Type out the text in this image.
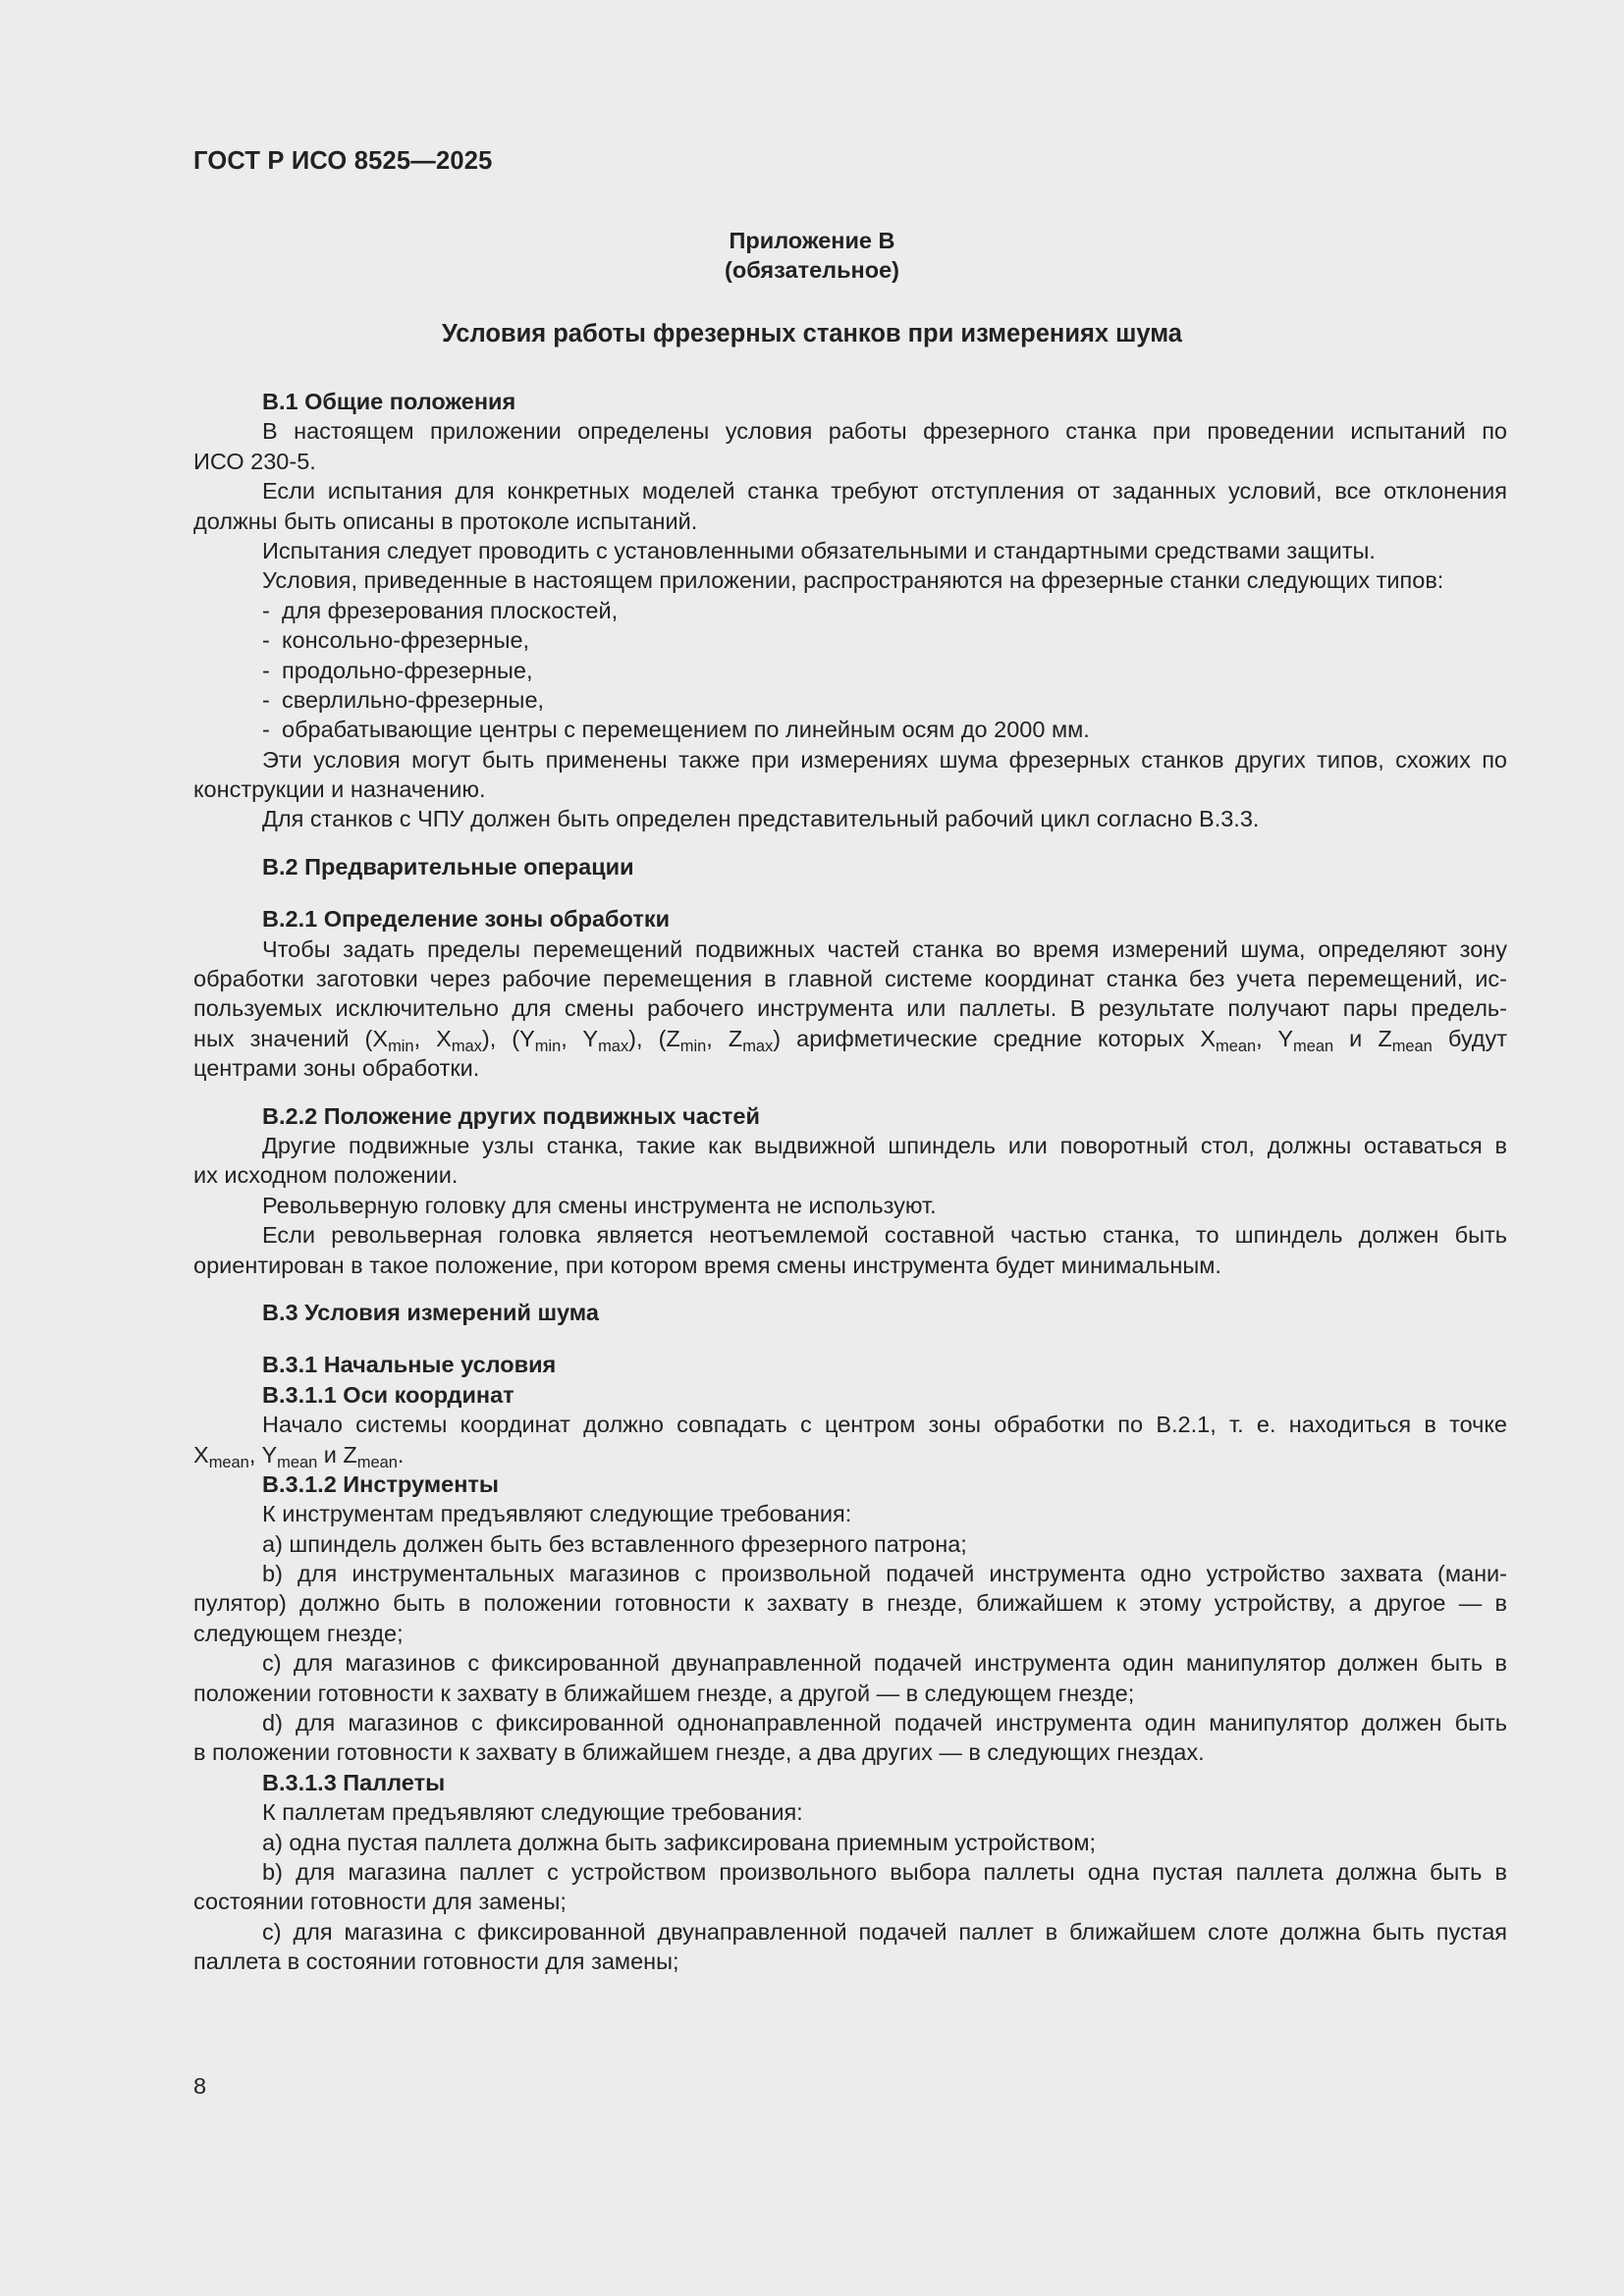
ГОСТ Р ИСО 8525—2025
Приложение В
(обязательное)
Условия работы фрезерных станков при измерениях шума
В.1 Общие положения
В настоящем приложении определены условия работы фрезерного станка при проведении испытаний по
ИСО 230-5.
Если испытания для конкретных моделей станка требуют отступления от заданных условий, все отклонения
должны быть описаны в протоколе испытаний.
Испытания следует проводить с установленными обязательными и стандартными средствами защиты.
Условия, приведенные в настоящем приложении, распространяются на фрезерные станки следующих типов:
- для фрезерования плоскостей,
- консольно-фрезерные,
- продольно-фрезерные,
- сверлильно-фрезерные,
- обрабатывающие центры с перемещением по линейным осям до 2000 мм.
Эти условия могут быть применены также при измерениях шума фрезерных станков других типов, схожих по
конструкции и назначению.
Для станков с ЧПУ должен быть определен представительный рабочий цикл согласно В.3.3.
В.2 Предварительные операции
В.2.1 Определение зоны обработки
Чтобы задать пределы перемещений подвижных частей станка во время измерений шума, определяют зону
обработки заготовки через рабочие перемещения в главной системе координат станка без учета перемещений, ис-
пользуемых исключительно для смены рабочего инструмента или паллеты. В результате получают пары предель-
ных значений ($X_{min}$, $X_{max}$), ($Y_{min}$, $Y_{max}$), ($Z_{min}$, $Z_{max}$) арифметические средние которых $X_{mean}$, $Y_{mean}$ и $Z_{mean}$ будут
центрами зоны обработки.
В.2.2 Положение других подвижных частей
Другие подвижные узлы станка, такие как выдвижной шпиндель или поворотный стол, должны оставаться в
их исходном положении.
Револьверную головку для смены инструмента не используют.
Если револьверная головка является неотъемлемой составной частью станка, то шпиндель должен быть
ориентирован в такое положение, при котором время смены инструмента будет минимальным.
В.3 Условия измерений шума
В.3.1 Начальные условия
В.3.1.1 Оси координат
Начало системы координат должно совпадать с центром зоны обработки по В.2.1, т. е. находиться в точке
$X_{mean}$, $Y_{mean}$ и $Z_{mean}$.
В.3.1.2 Инструменты
К инструментам предъявляют следующие требования:
a) шпиндель должен быть без вставленного фрезерного патрона;
b) для инструментальных магазинов с произвольной подачей инструмента одно устройство захвата (мани-
пулятор) должно быть в положении готовности к захвату в гнезде, ближайшем к этому устройству, а другое — в
следующем гнезде;
c) для магазинов с фиксированной двунаправленной подачей инструмента один манипулятор должен быть в
положении готовности к захвату в ближайшем гнезде, а другой — в следующем гнезде;
d) для магазинов с фиксированной однонаправленной подачей инструмента один манипулятор должен быть
в положении готовности к захвату в ближайшем гнезде, а два других — в следующих гнездах.
В.3.1.3 Паллеты
К паллетам предъявляют следующие требования:
a) одна пустая паллета должна быть зафиксирована приемным устройством;
b) для магазина паллет с устройством произвольного выбора паллеты одна пустая паллета должна быть в
состоянии готовности для замены;
c) для магазина с фиксированной двунаправленной подачей паллет в ближайшем слоте должна быть пустая
паллета в состоянии готовности для замены;
8
